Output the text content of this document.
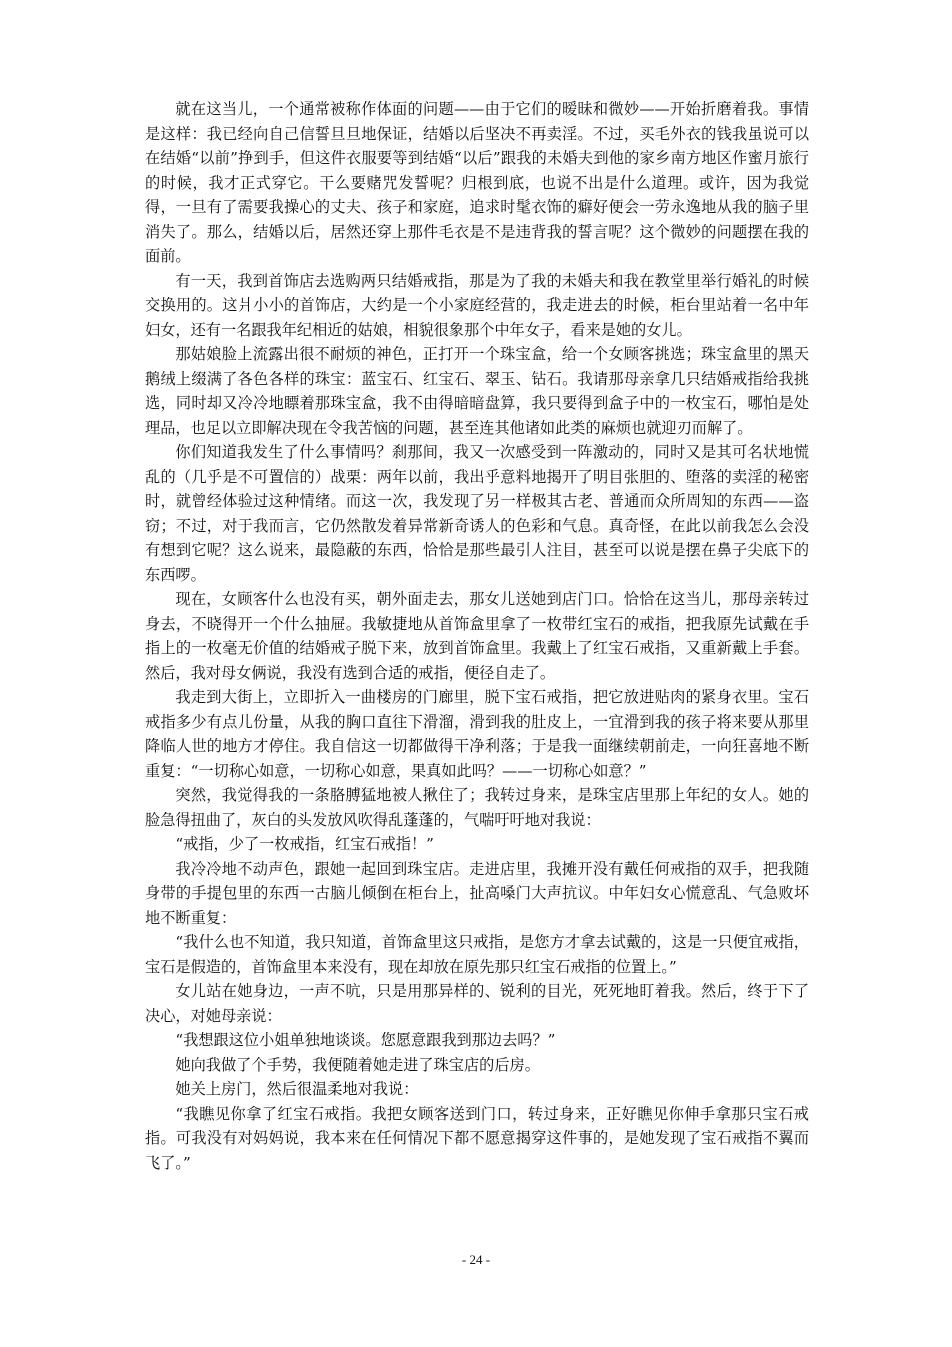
就在这当儿，一个通常被称作体面的问题——由于它们的暧昧和微妙——开始折磨着我。事情是这样：我已经向自己信誓旦旦地保证，结婚以后坚决不再卖淫。不过，买毛外衣的钱我虽说可以在结婚“以前”挣到手，但这件衣服要等到结婚“以后”跟我的未婚夫到他的家乡南方地区作蜜月旅行的时候，我才正式穿它。干么要赌咒发誓呢？归根到底，也说不出是什么道理。或许，因为我觉得，一旦有了需要我操心的丈夫、孩子和家庭，追求时髦衣饰的癖好便会一劳永逸地从我的脑子里消失了。那么，结婚以后，居然还穿上那件毛衣是不是违背我的誓言呢？这个微妙的问题摆在我的面前。

有一天，我到首饰店去选购两只结婚戒指，那是为了我的未婚夫和我在教堂里举行婚礼的时候交换用的。这爿小小的首饰店，大约是一个小家庭经营的，我走进去的时候，柜台里站着一名中年妇女，还有一名跟我年纪相近的姑娘，相貌很象那个中年女子，看来是她的女儿。

那姑娘脸上流露出很不耐烦的神色，正打开一个珠宝盒，给一个女顾客挑选；珠宝盒里的黑天鹅绒上缀满了各色各样的珠宝：蓝宝石、红宝石、翠玉、钻石。我请那母亲拿几只结婚戒指给我挑选，同时却又冷冷地瞟着那珠宝盒，我不由得暗暗盘算，我只要得到盒子中的一枚宝石，哪怕是处理品，也足以立即解决现在令我苦恼的问题，甚至连其他诸如此类的麻烦也就迎刃而解了。

你们知道我发生了什么事情吗？刹那间，我又一次感受到一阵激动的，同时又是其可名状地慌乱的（几乎是不可置信的）战栗：两年以前，我出乎意料地揭开了明目张胆的、堕落的卖淫的秘密时，就曾经体验过这种情绪。而这一次，我发现了另一样极其古老、普通而众所周知的东西——盗窃；不过，对于我而言，它仍然散发着异常新奇诱人的色彩和气息。真奇怪，在此以前我怎么会没有想到它呢？这么说来，最隐蔽的东西，恰恰是那些最引人注目，甚至可以说是摆在鼻子尖底下的东西啰。

现在，女顾客什么也没有买，朝外面走去，那女儿送她到店门口。恰恰在这当儿，那母亲转过身去，不晓得开一个什么抽屉。我敏捷地从首饰盒里拿了一枚带红宝石的戒指，把我原先试戴在手指上的一枚毫无价值的结婚戒子脱下来，放到首饰盒里。我戴上了红宝石戒指，又重新戴上手套。然后，我对母女俩说，我没有选到合适的戒指，便径自走了。

我走到大街上，立即折入一曲楼房的门廊里，脱下宝石戒指，把它放进贴肉的紧身衣里。宝石戒指多少有点儿份量，从我的胸口直往下滑溜，滑到我的肚皮上，一宜滑到我的孩子将来要从那里降临人世的地方才停住。我自信这一切都做得干净利落；于是我一面继续朝前走，一向狂喜地不断重复：“一切称心如意，一切称心如意，果真如此吗？——一切称心如意？”

突然，我觉得我的一条胳膊猛地被人揪住了；我转过身来，是珠宝店里那上年纪的女人。她的脸急得扭曲了，灰白的头发放风吹得乱蓬蓬的，气喘吁吁地对我说：

“戒指，少了一枚戒指，红宝石戒指！”

我冷冷地不动声色，跟她一起回到珠宝店。走进店里，我摊开没有戴任何戒指的双手，把我随身带的手提包里的东西一古脑儿倾倒在柜台上，扯高嗓门大声抗议。中年妇女心慌意乱、气急败坏地不断重复：

“我什么也不知道，我只知道，首饰盒里这只戒指，是您方才拿去试戴的，这是一只便宜戒指，宝石是假造的，首饰盒里本来没有，现在却放在原先那只红宝石戒指的位置上。”

女儿站在她身边，一声不吭，只是用那异样的、锐利的目光，死死地盯着我。然后，终于下了决心，对她母亲说：

“我想跟这位小姐单独地谈谈。您愿意跟我到那边去吗？”

她向我做了个手势，我便随着她走进了珠宝店的后房。

她关上房门，然后很温柔地对我说：

“我瞧见你拿了红宝石戒指。我把女顾客送到门口，转过身来，正好瞧见你伸手拿那只宝石戒指。可我没有对妈妈说，我本来在任何情况下都不愿意揭穿这件事的，是她发现了宝石戒指不翼而飞了。”

- 24 -
